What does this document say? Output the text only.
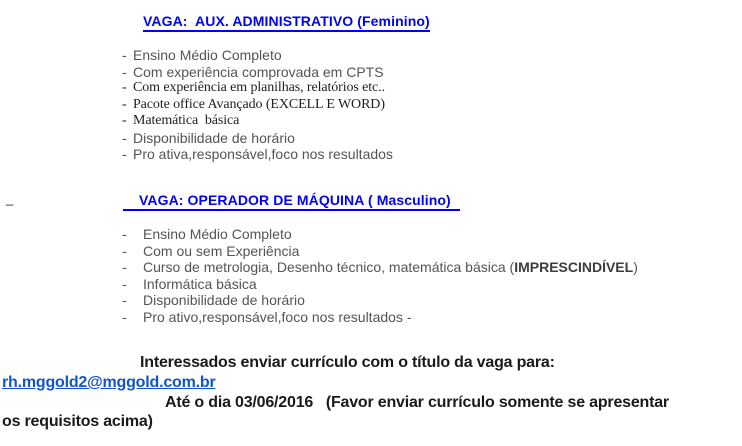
VAGA:  AUX. ADMINISTRATIVO (Feminino)
- Ensino Médio Completo
- Com experiência comprovada em CPTS
- Com experiência em planilhas, relatórios etc..
- Pacote office Avançado (EXCELL E WORD)
- Matemática  básica
- Disponibilidade de horário
- Pro ativa,responsável,foco nos resultados
_	VAGA: OPERADOR DE MÁQUINA ( Masculino)
-	Ensino Médio Completo
-	Com ou sem Experiência
-	Curso de metrologia, Desenho técnico, matemática básica (IMPRESCINDÍVEL)
-	Informática básica
-	Disponibilidade de horário
-	Pro ativo,responsável,foco nos resultados -
Interessados enviar currículo com o título da vaga para:
rh.mggold2@mggold.com.br
Até o dia 03/06/2016   (Favor enviar currículo somente se apresentar
os requisitos acima)
